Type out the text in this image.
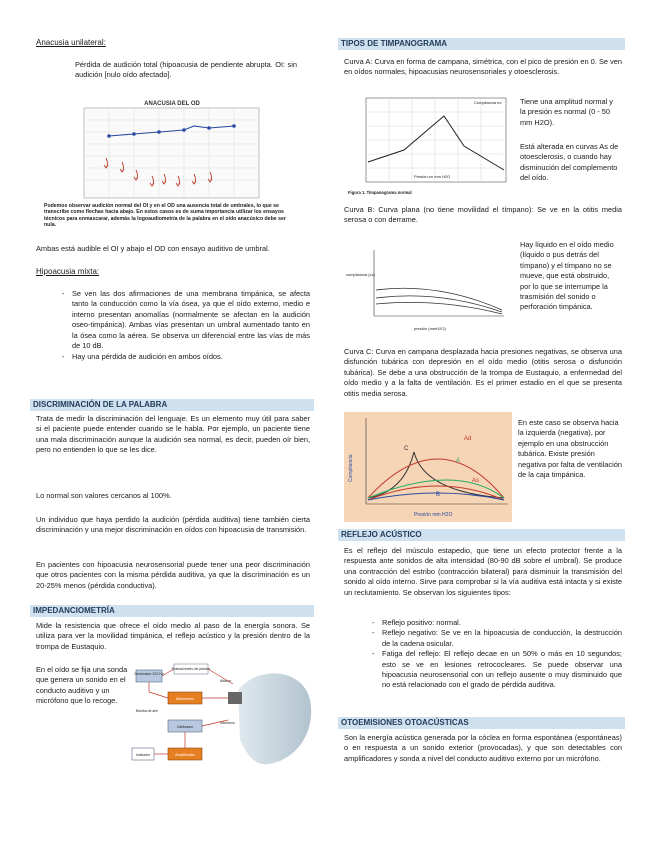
Anacusia unilateral:
Pérdida de audición total (hipoacusia de pendiente abrupta. OI: sin audición [nulo oído afectado].
ANACUSIA DEL OD
Podemos observar audición normal del OI y en el OD una ausencia total de umbrales, lo que se transcribe como flechas hacia abajo. En estos casos es de suma importancia utilizar los ensayos técnicos para enmascarar, además la logoaudiometría de la palabra en el oído anacúsico debe ser nula.
Ambas está audible el OI y abajo el OD con ensayo auditivo de umbral.
Hipoacusia mixta:
- Se ven las dos afirmaciones de una membrana timpánica, se afecta tanto la conducción como la vía ósea, ya que el oído externo, medio e interno presentan anomalías (normalmente se afectan en la audición oseo-timpánica). Ambas vías presentan un umbral aumentado tanto en la ósea como la aérea. Se observa un diferencial entre las vías de más de 10 dB.
- Hay una pérdida de audición en ambos oídos.
DISCRIMINACIÓN DE LA PALABRA
Trata de medir la discriminación del lenguaje. Es un elemento muy útil para saber si el paciente puede entender cuando se le habla. Por ejemplo, un paciente tiene una mala discriminación aunque la audición sea normal, es decir, pueden oír bien, pero no entienden lo que se les dice.
Lo normal son valores cercanos al 100%.
Un individuo que haya perdido la audición (pérdida auditiva) tiene también cierta discriminación y una mejor discriminación en oídos con hipoacusia de transmisión.
En pacientes con hipoacusia neurosensorial puede tener una peor discriminación que otros pacientes con la misma pérdida auditiva, ya que la discriminación es un 20-25% menos (pérdida conductiva).
IMPEDANCIOMETRÍA
Mide la resistencia que ofrece el oído medio al paso de la energía sonora. Se utiliza para ver la movilidad timpánica, el reflejo acústico y la presión dentro de la trompa de Eustaquio.
En el oído se fija una sonda que genera un sonido en el conducto auditivo y un micrófono que lo recoge.
Generador 220 Hz
Potenciómetro de presión
Manómetro
Bomba de aire
Altavoz
Micrófono
Calibrador
Amplificador
Indicador
TIPOS DE TIMPANOGRAMA
Curva A: Curva en forma de campana, simétrica, con el pico de presión en 0. Se ven en oídos normales, hipoacusias neurosensoriales y otoesclerosis.
Compliancia ml
Presión en mm H2O
Figura 1. Timpanograma normal
Tiene una amplitud normal y la presión es normal (0 - 50 mm H2O).
Está alterada en curvas As de otoesclerosis, o cuando hay disminución del complemento del oído.
Curva B: Curva plana (no tiene movilidad el tímpano): Se ve en la otitis media serosa o con derrame.
compliancia (cc)
presión (mmH2O)
Hay líquido en el oído medio (líquido o pus detrás del tímpano) y el tímpano no se mueve, que está obstruido, por lo que se interrumpe la trasmisión del sonido o perforación timpánica.
Curva C: Curva en campana desplazada hacia presiones negativas, se observa una disfunción tubárica con depresión en el oído medio (otitis serosa o disfunción tubárica). Se debe a una obstrucción de la trompa de Eustaquio, a enfermedad del oído medio y a la falta de ventilación. Es el primer estadio en el que se presenta otitis media serosa.
C
Ad
A
As
B
Compliancia
Presión mm H2O
En este caso se observa hacia la izquierda (negativa), por ejemplo en una obstrucción tubárica. Existe presión negativa por falta de ventilación de la caja timpánica.
REFLEJO ACÚSTICO
Es el reflejo del músculo estapedio, que tiene un efecto protector frente a la respuesta ante sonidos de alta intensidad (80-90 dB sobre el umbral). Se produce una contracción del estribo (contracción bilateral) para disminuir la transmisión del sonido al oído interno. Sirve para comprobar si la vía auditiva está intacta y si existe un reclutamiento. Se observan los siguientes tipos:
- Reflejo positivo: normal.
- Reflejo negativo: Se ve en la hipoacusia de conducción, la destrucción de la cadena osicular.
- Fatiga del reflejo: El reflejo decae en un 50% o más en 10 segundos; esto se ve en lesiones retrococleares. Se puede observar una hipoacusia neurosensorial con un reflejo ausente o muy disminuido que no está relacionado con el grado de pérdida auditiva.
OTOEMISIONES OTOACÚSTICAS
Son la energía acústica generada por la cóclea en forma espontánea (espontáneas) o en respuesta a un sonido exterior (provocadas), y que son detectables con amplificadores y sonda a nivel del conducto auditivo externo por un micrófono.
